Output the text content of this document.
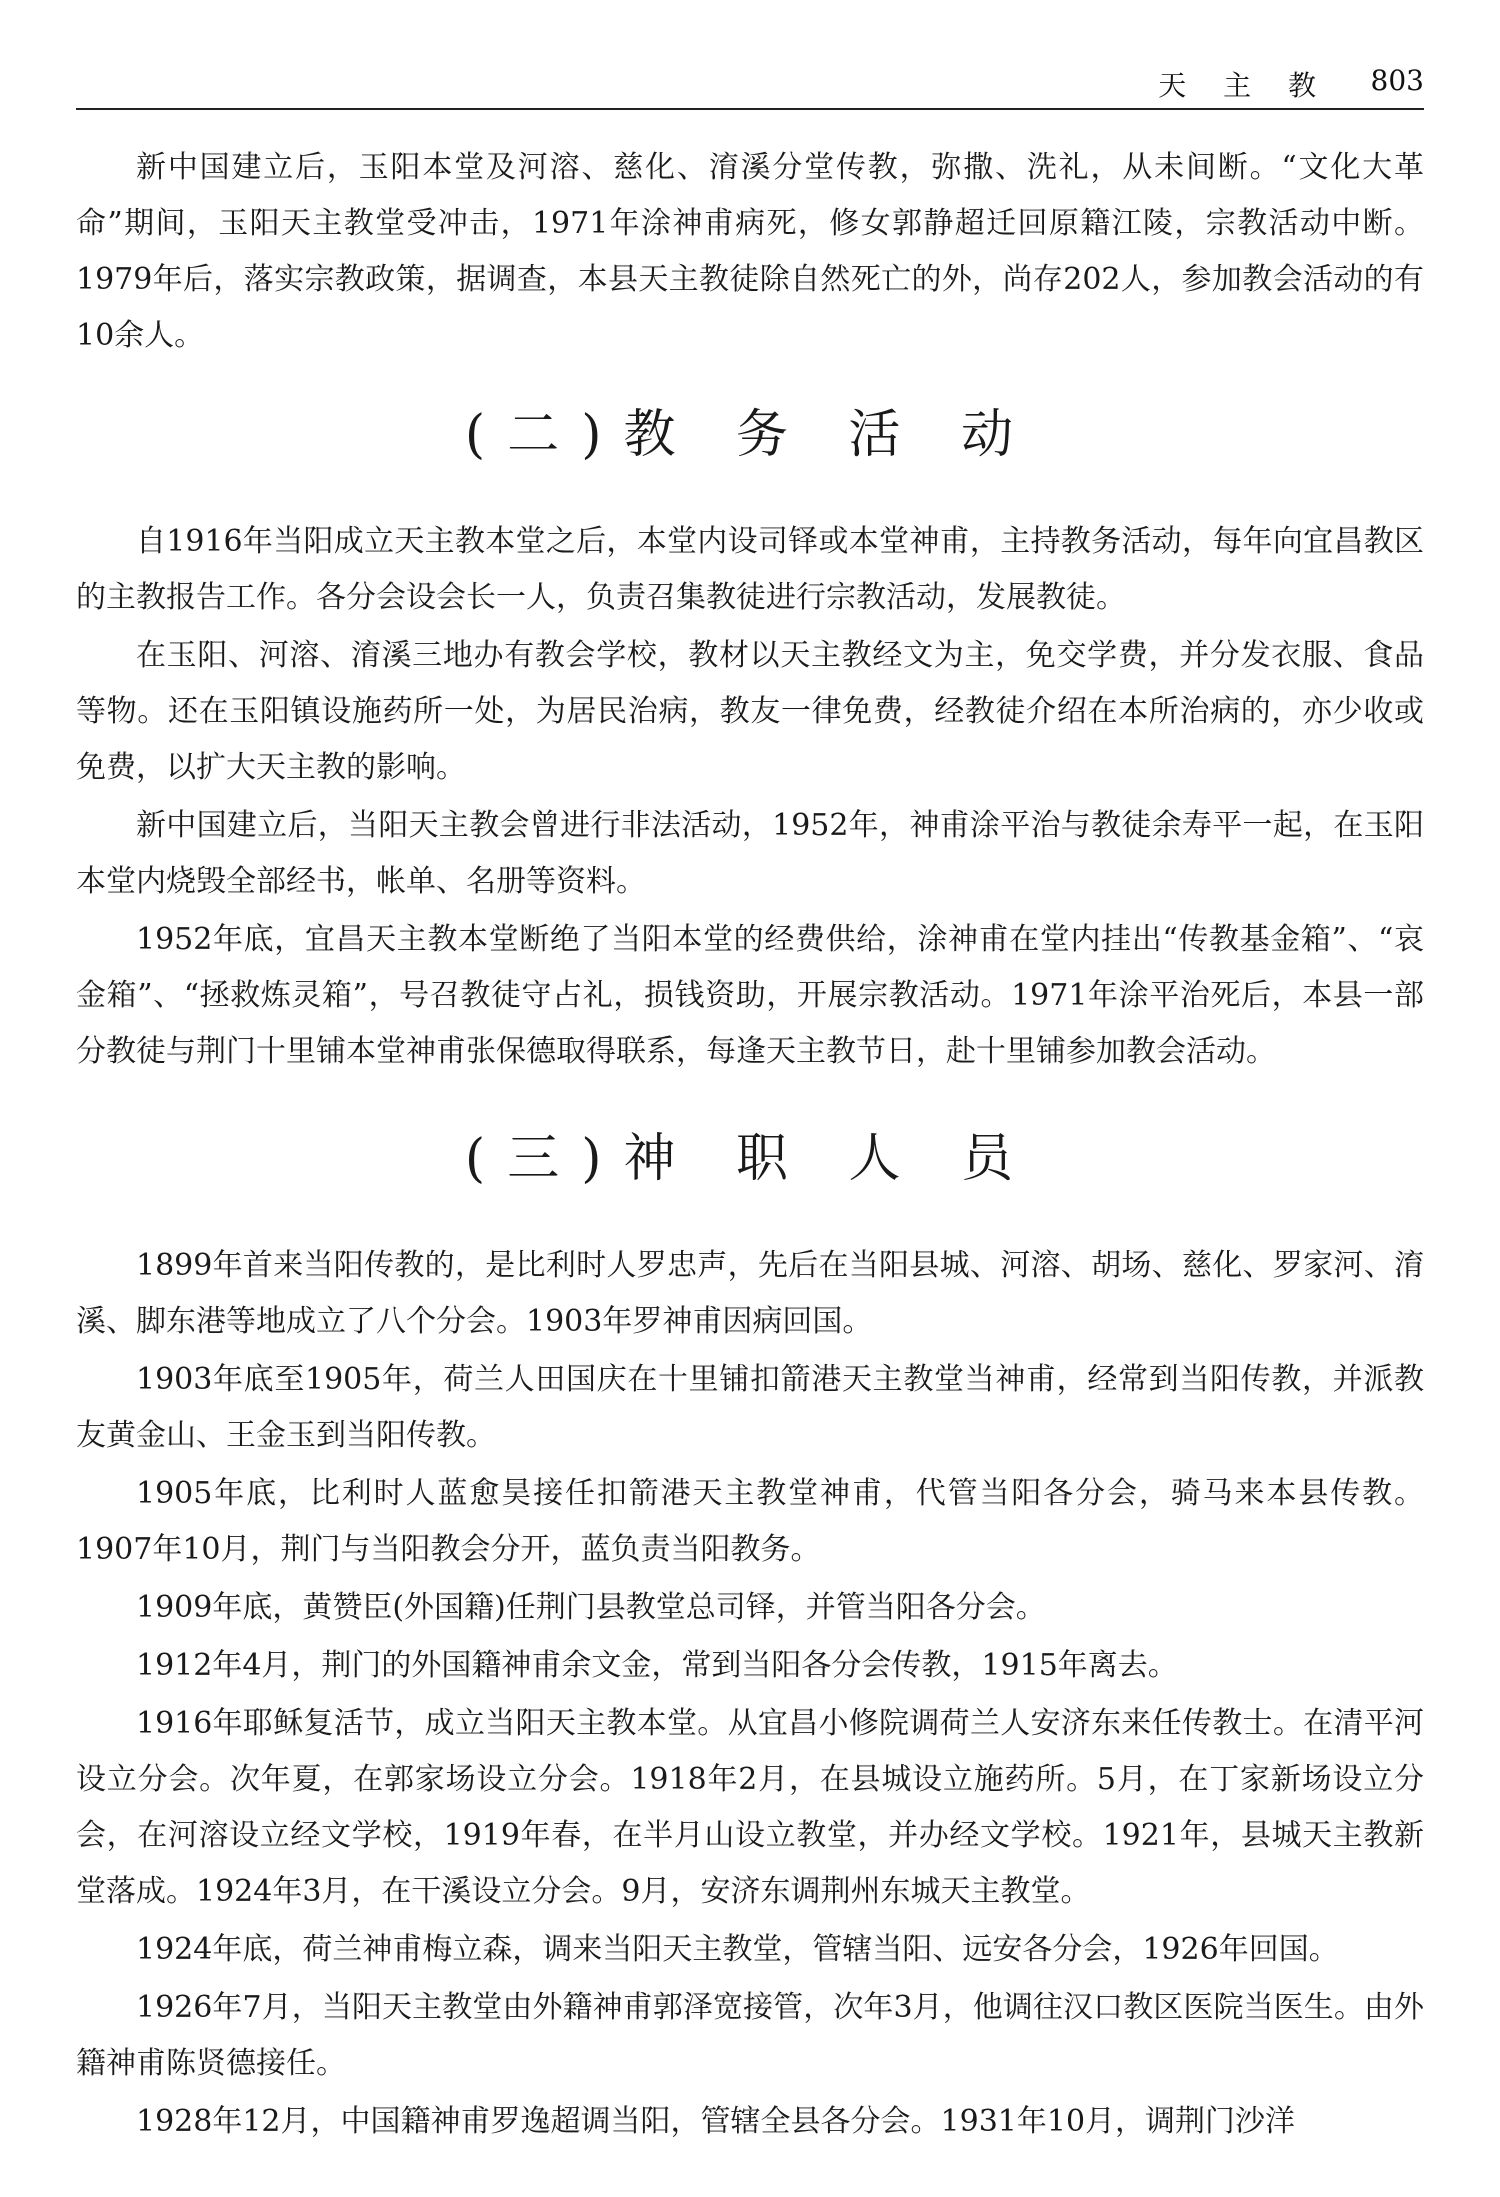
天 主 教 803

新中国建立后，玉阳本堂及河溶、慈化、淯溪分堂传教，弥撒、洗礼，从未间断。“文化大革命”期间，玉阳天主教堂受冲击，1971年涂神甫病死，修女郭静超迁回原籍江陵，宗教活动中断。1979年后，落实宗教政策，据调查，本县天主教徒除自然死亡的外，尚存202人，参加教会活动的有10余人。

(二)教 务 活 动

自1916年当阳成立天主教本堂之后，本堂内设司铎或本堂神甫，主持教务活动，每年向宜昌教区的主教报告工作。各分会设会长一人，负责召集教徒进行宗教活动，发展教徒。

在玉阳、河溶、淯溪三地办有教会学校，教材以天主教经文为主，免交学费，并分发衣服、食品等物。还在玉阳镇设施药所一处，为居民治病，教友一律免费，经教徒介绍在本所治病的，亦少收或免费，以扩大天主教的影响。

新中国建立后，当阳天主教会曾进行非法活动，1952年，神甫涂平治与教徒余寿平一起，在玉阳本堂内烧毁全部经书，帐单、名册等资料。

1952年底，宜昌天主教本堂断绝了当阳本堂的经费供给，涂神甫在堂内挂出“传教基金箱”、“哀金箱”、“拯救炼灵箱”，号召教徒守占礼，损钱资助，开展宗教活动。1971年涂平治死后，本县一部分教徒与荆门十里铺本堂神甫张保德取得联系，每逢天主教节日，赴十里铺参加教会活动。

(三)神 职 人 员

1899年首来当阳传教的，是比利时人罗忠声，先后在当阳县城、河溶、胡场、慈化、罗家河、淯溪、脚东港等地成立了八个分会。1903年罗神甫因病回国。

1903年底至1905年，荷兰人田国庆在十里铺扣箭港天主教堂当神甫，经常到当阳传教，并派教友黄金山、王金玉到当阳传教。

1905年底，比利时人蓝愈昊接任扣箭港天主教堂神甫，代管当阳各分会，骑马来本县传教。1907年10月，荆门与当阳教会分开，蓝负责当阳教务。

1909年底，黄赞臣(外国籍)任荆门县教堂总司铎，并管当阳各分会。

1912年4月，荆门的外国籍神甫余文金，常到当阳各分会传教，1915年离去。

1916年耶稣复活节，成立当阳天主教本堂。从宜昌小修院调荷兰人安济东来任传教士。在清平河设立分会。次年夏，在郭家场设立分会。1918年2月，在县城设立施药所。5月，在丁家新场设立分会，在河溶设立经文学校，1919年春，在半月山设立教堂，并办经文学校。1921年，县城天主教新堂落成。1924年3月，在干溪设立分会。9月，安济东调荆州东城天主教堂。

1924年底，荷兰神甫梅立森，调来当阳天主教堂，管辖当阳、远安各分会，1926年回国。

1926年7月，当阳天主教堂由外籍神甫郭泽宽接管，次年3月，他调往汉口教区医院当医生。由外籍神甫陈贤德接任。

1928年12月，中国籍神甫罗逸超调当阳，管辖全县各分会。1931年10月，调荆门沙洋
